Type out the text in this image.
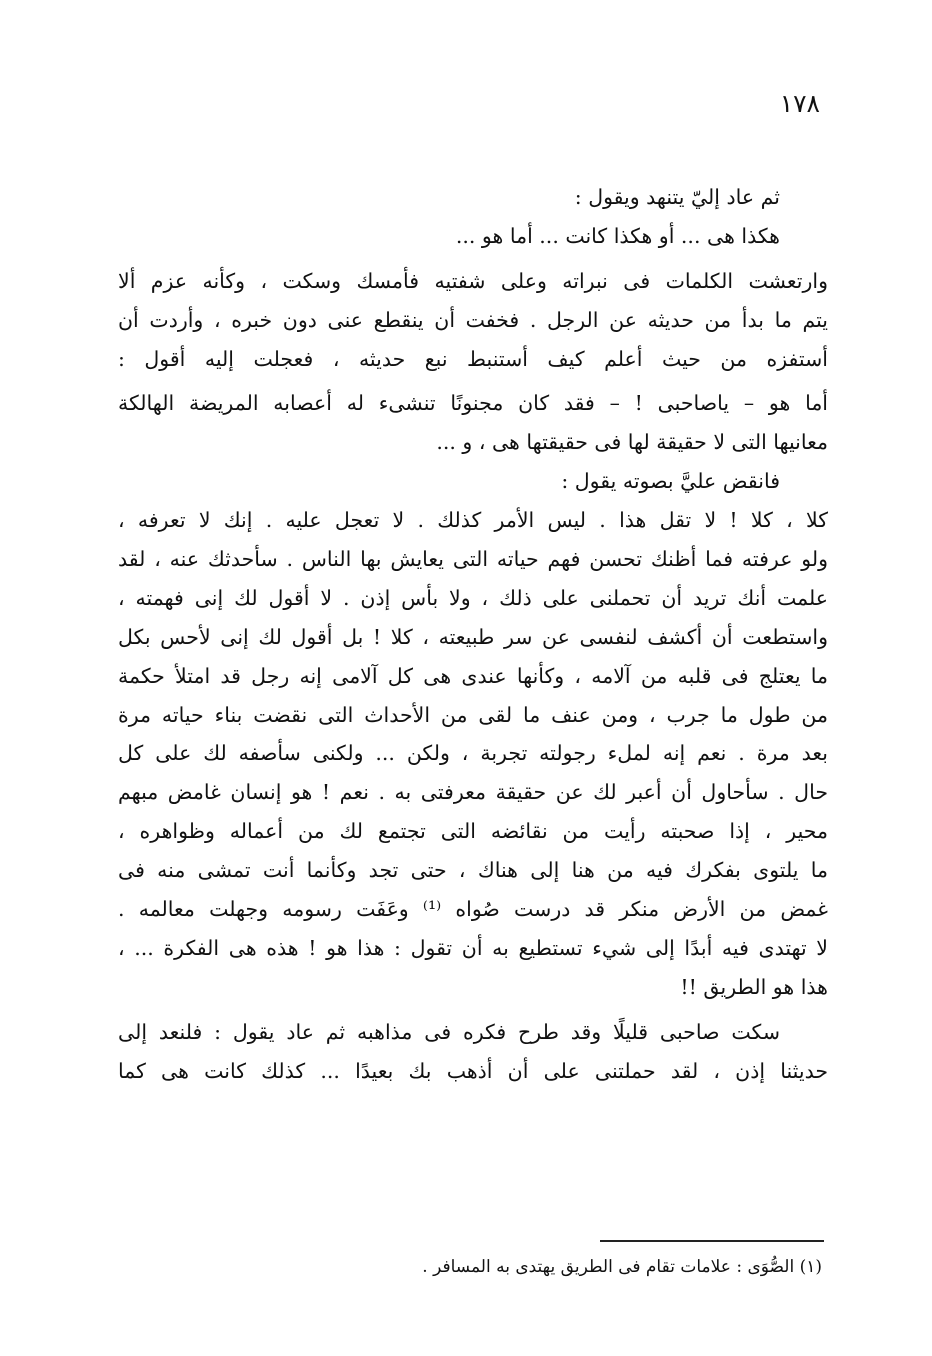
١٧٨
ثم عاد إليّ يتنهد ويقول :
هكذا هى ... أو هكذا كانت ... أما هو ...
وارتعشت الكلمات فى نبراته وعلى شفتيه فأمسك وسكت ، وكأنه عزم ألا
يتم ما بدأ من حديثه عن الرجل . فخفت أن ينقطع عنى دون خبره ، وأردت أن
أستفزه من حيث أعلم كيف أستنبط نبع حديثه ، فعجلت إليه أقول :
أما هو – ياصاحبى ! – فقد كان مجنونًا تنشىء له أعصابه المريضة الهالكة
معانيها التى لا حقيقة لها فى حقيقتها هى ، و ...
فانقض عليَّ بصوته يقول :
كلا ، كلا ! لا تقل هذا . ليس الأمر كذلك . لا تعجل عليه . إنك لا تعرفه ،
ولو عرفته فما أظنك تحسن فهم حياته التى يعايش بها الناس . سأحدثك عنه ، لقد
علمت أنك تريد أن تحملنى على ذلك ، ولا بأس إذن . لا أقول لك إنى فهمته ،
واستطعت أن أكشف لنفسى عن سر طبيعته ، كلا ! بل أقول لك إنى لأحس بكل
ما يعتلج فى قلبه من آلامه ، وكأنها عندى هى كل آلامى إنه رجل قد امتلأ حكمة
من طول ما جرب ، ومن عنف ما لقى من الأحداث التى نقضت بناء حياته مرة
بعد مرة . نعم إنه لملء رجولته تجربة ، ولكن ... ولكنى سأصفه لك على كل
حال . سأحاول أن أعبر لك عن حقيقة معرفتى به . نعم ! هو إنسان غامض مبهم
محير ، إذا صحبته رأيت من نقائضه التى تجتمع لك من أعماله وظواهره ،
ما يلتوى بفكرك فيه من هنا إلى هناك ، حتى تجد وكأنما أنت تمشى منه فى
غمض من الأرض منكر قد درست صُواه ⁽¹⁾ وعَفَت رسومه وجهلت معالمه .
لا تهتدى فيه أبدًا إلى شيء تستطيع به أن تقول : هذا هو ! هذه هى الفكرة ... ،
هذا هو الطريق !!
سكت صاحبى قليلًا وقد طرح فكره فى مذاهبه ثم عاد يقول : فلنعد إلى
حديثنا إذن ، لقد حملتنى على أن أذهب بك بعيدًا ... كذلك كانت هى كما
(١) الصُّوَى : علامات تقام فى الطريق يهتدى به المسافر .
